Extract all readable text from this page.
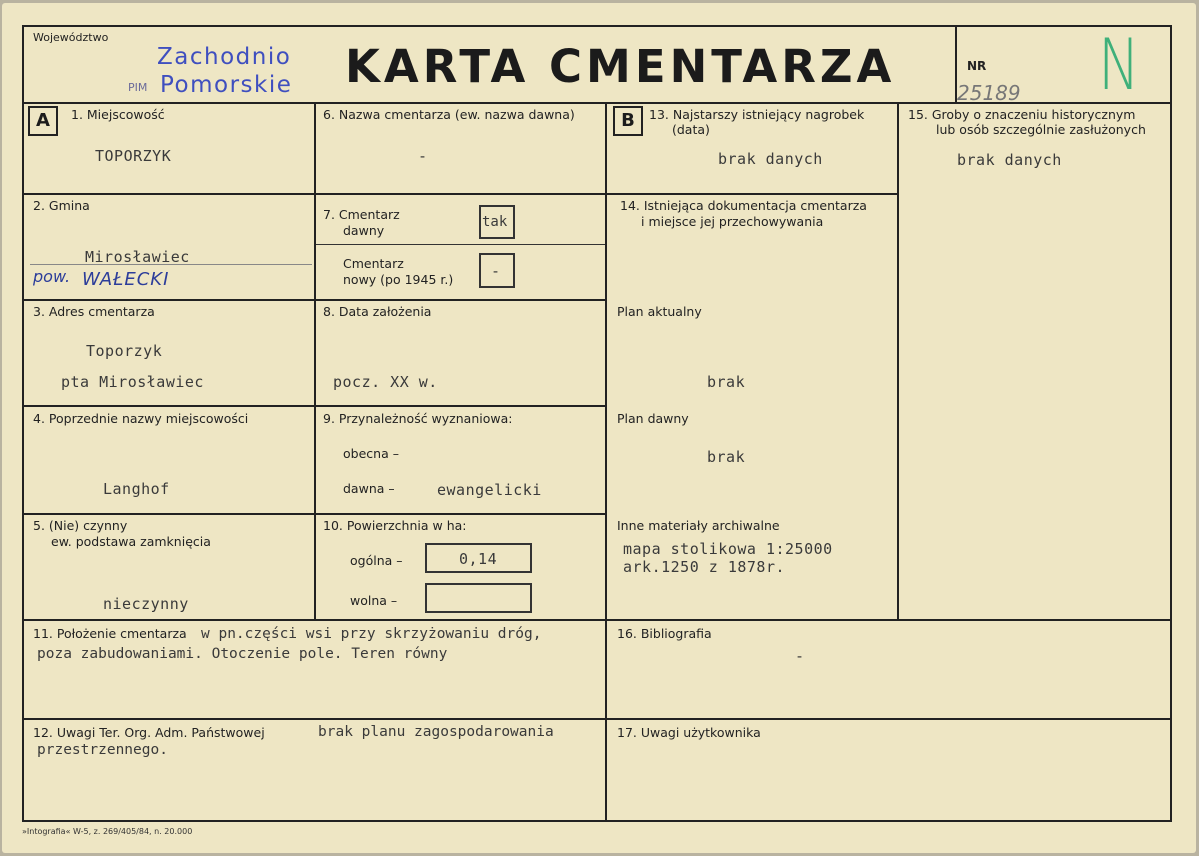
Województwo
PIM
Zachodnio
Pomorskie KARTA CMENTARZA	NR
25189 N
A	1. Miejscowość
TOPORZYK
2. Gmina
Mirosławiec
pow. WAŁECKI
3. Adres cmentarza
Toporzyk
pta Mirosławiec
4. Poprzednie nazwy miejscowości
Langhof
5. (Nie) czynny
ew. podstawa zamknięcia
nieczynny
6. Nazwa cmentarza (ew. nazwa dawna)
-
7. Cmentarz
dawny
tak
Cmentarz
nowy (po 1945 r.)	-
8. Data założenia
pocz. XX w.
9. Przynależność wyznaniowa:
obecna –
dawna –	ewangelicki
10. Powierzchnia w ha:
ogólna –	0,14
wolna –
B	13. Najstarszy istniejący nagrobek
(data)
brak danych
14. Istniejąca dokumentacja cmentarza
i miejsce jej przechowywania
Plan aktualny
brak
Plan dawny
brak
Inne materiały archiwalne
mapa stolikowa 1:25000
ark.1250 z 1878r.
15. Groby o znaczeniu historycznym
lub osób szczególnie zasłużonych
brak danych
11. Położenie cmentarza w pn.części wsi przy skrzyżowaniu dróg,
poza zabudowaniami. Otoczenie pole. Teren równy
16. Bibliografia
-
12. Uwagi Ter. Org. Adm. Państwowej	brak planu zagospodarowania
przestrzennego.
17. Uwagi użytkownika
»Intografia« W-5, z. 269/405/84, n. 20.000
